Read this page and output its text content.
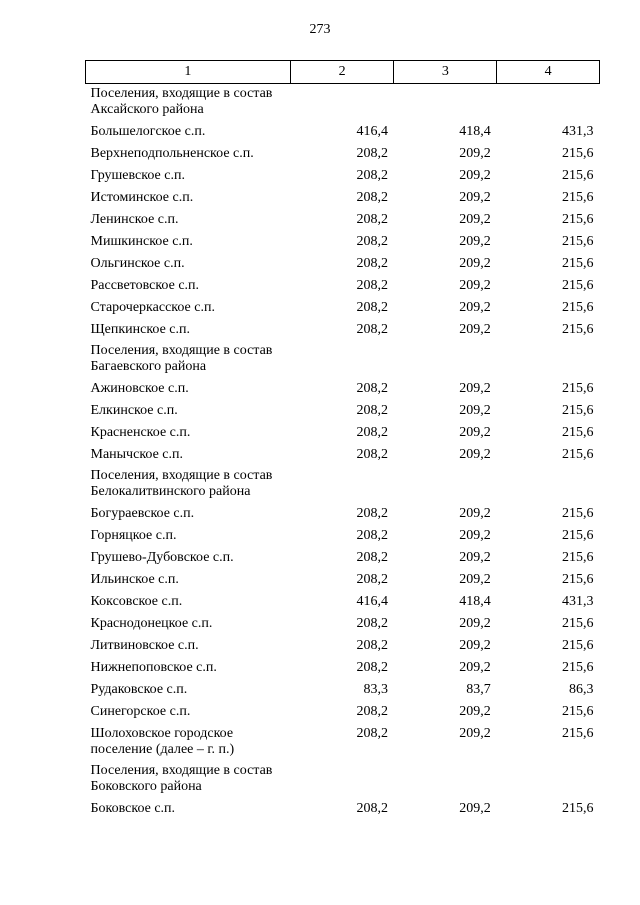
273
1	2	3	4
Поселения, входящие в состав Аксайского района			
Большелогское с.п.	416,4	418,4	431,3
Верхнеподпольненское с.п.	208,2	209,2	215,6
Грушевское с.п.	208,2	209,2	215,6
Истоминское с.п.	208,2	209,2	215,6
Ленинское с.п.	208,2	209,2	215,6
Мишкинское с.п.	208,2	209,2	215,6
Ольгинское с.п.	208,2	209,2	215,6
Рассветовское с.п.	208,2	209,2	215,6
Старочеркасское с.п.	208,2	209,2	215,6
Щепкинское с.п.	208,2	209,2	215,6
Поселения, входящие в состав Багаевского района			
Ажиновское с.п.	208,2	209,2	215,6
Елкинское с.п.	208,2	209,2	215,6
Красненское с.п.	208,2	209,2	215,6
Манычское с.п.	208,2	209,2	215,6
Поселения, входящие в состав Белокалитвинского района			
Богураевское с.п.	208,2	209,2	215,6
Горняцкое с.п.	208,2	209,2	215,6
Грушево-Дубовское с.п.	208,2	209,2	215,6
Ильинское с.п.	208,2	209,2	215,6
Коксовское с.п.	416,4	418,4	431,3
Краснодонецкое с.п.	208,2	209,2	215,6
Литвиновское с.п.	208,2	209,2	215,6
Нижнепоповское с.п.	208,2	209,2	215,6
Рудаковское с.п.	83,3	83,7	86,3
Синегорское с.п.	208,2	209,2	215,6
Шолоховское городское поселение (далее – г. п.)	208,2	209,2	215,6
Поселения, входящие в состав Боковского района			
Боковское с.п.	208,2	209,2	215,6
